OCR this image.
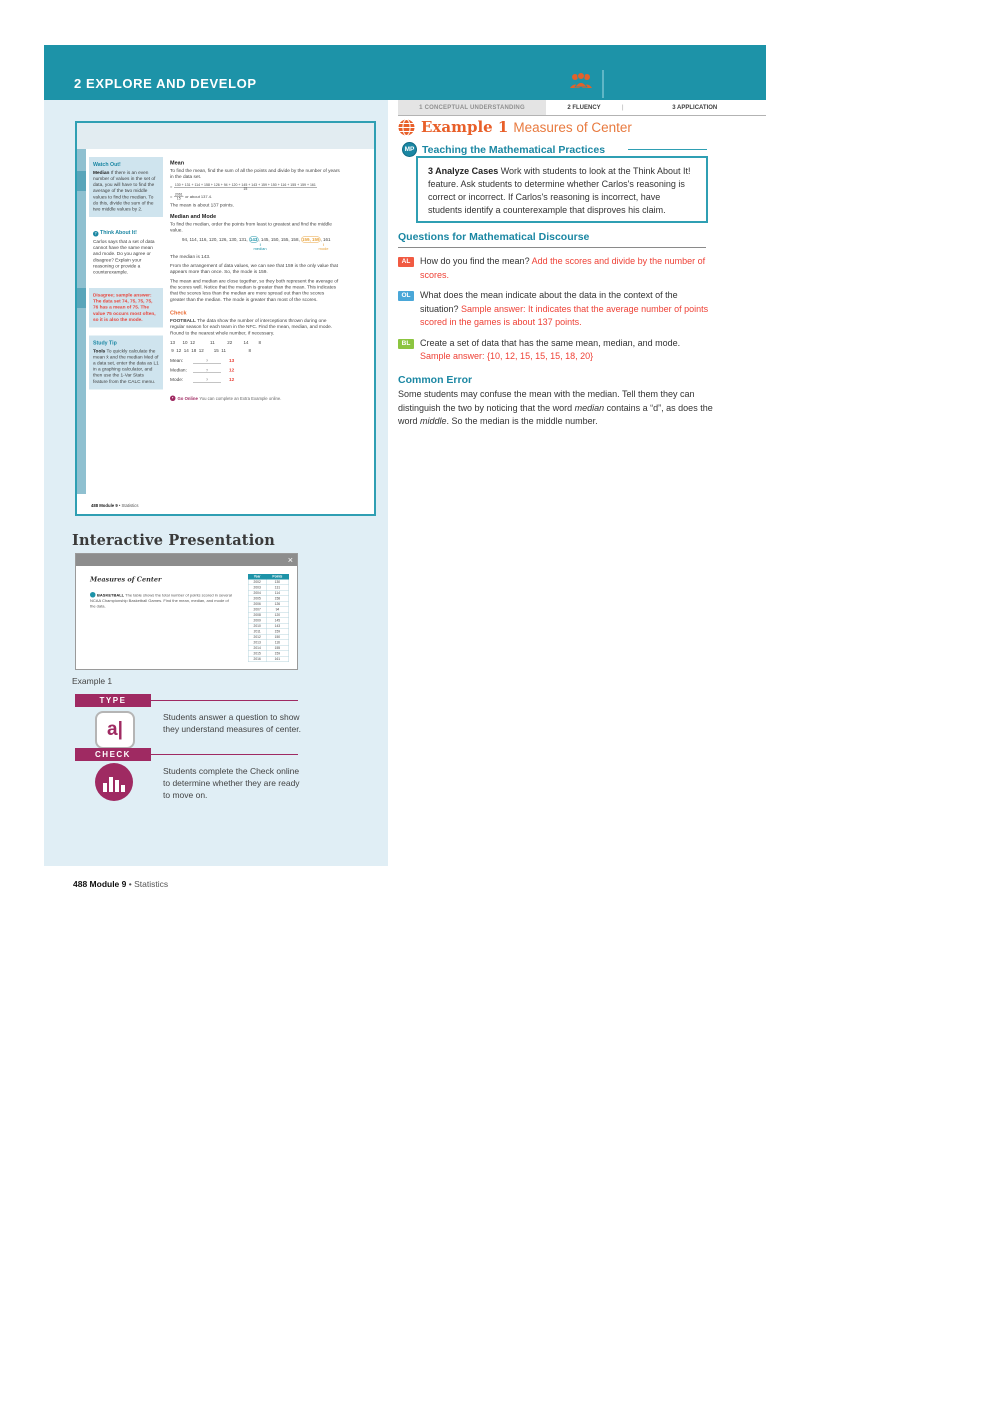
2 EXPLORE AND DEVELOP
1 CONCEPTUAL UNDERSTANDING	2 FLUENCY	3 APPLICATION
Watch Out!
Median If there is an even number of values in the set of data, you will have to find the average of the two middle values to find the median. To do this, divide the sum of the two middle values by 2.
? Think About It!
Carlos says that a set of data cannot have the same mean and mode. Do you agree or disagree? Explain your reasoning or provide a counterexample.
Disagree; sample answer: The data set 74, 75, 75, 75, 76 has a mean of 75. The value 75 occurs most often, so it is also the mode.
Study Tip
Tools To quickly calculate the mean x̄ and the median Med of a data set, enter the data as L1 in a graphing calculator, and then use the 1-Var Stats feature from the CALC menu.
Mean

To find the mean, find the sum of all the points and divide by the number of years in the data set.

= 130 + 131 + 114 + 158 + 126 + 94 + 120 + 145 + 143 + 159 + 150 + 116 + 155 + 159 + 161
15
= $\frac{2061}{15}$ or about 137.4.

The mean is about 137 points.

Median and Mode

To find the median, order the points from least to greatest and find the middle value.

94, 114, 116, 120, 126, 130, 131, 143, 145, 150, 155, 158, 159, 159, 161
median	mode

The median is 143.

From the arrangement of data values, we can see that 159 is the only value that appears more than once. So, the mode is 159.

The mean and median are close together, so they both represent the average of the scores well. Notice that the median is greater than the mean. This indicates that the scores less than the median are more spread out than the scores greater than the median. The mode is greater than most of the scores.

Check

FOOTBALL The data show the number of interceptions thrown during one regular season for each team in the NFC. Find the mean, median, and mode. Round to the nearest whole number, if necessary.

13      10  12            11          22         14        8
9  12  14  18  12        15  11                  8
Mean:	?	13
Median:	?	12
Mode:	?	12
▸ Go Online You can complete an Extra Example online.
488 Module 9 • Statistics
Interactive Presentation
×
Measures of Center
BASKETBALL The table shows the total number of points scored in several NCAA Championship Basketball Games. Find the mean, median, and mode of the data.
Year	Points
2002	130
2003	131
2004	114
2005	158
2006	126
2007	94
2008	120
2009	145
2010	143
2011	159
2012	150
2013	116
2014	155
2015	159
2016	161
Example 1
TYPE
a|
Students answer a question to show they understand measures of center.
CHECK
Students complete the Check online to determine whether they are ready to move on.
Example 1 Measures of Center
MP Teaching the Mathematical Practices
3 Analyze Cases Work with students to look at the Think About It! feature. Ask students to determine whether Carlos's reasoning is correct or incorrect. If Carlos's reasoning is incorrect, have students identify a counterexample that disproves his claim.
Questions for Mathematical Discourse
AL	How do you find the mean? Add the scores and divide by the number of scores.
OL	What does the mean indicate about the data in the context of the situation? Sample answer: It indicates that the average number of points scored in the games is about 137 points.
BL	Create a set of data that has the same mean, median, and mode. Sample answer: {10, 12, 15, 15, 15, 18, 20}
Common Error
Some students may confuse the mean with the median. Tell them they can distinguish the two by noticing that the word median contains a “d”, as does the word middle. So the median is the middle number.
488 Module 9 • Statistics
